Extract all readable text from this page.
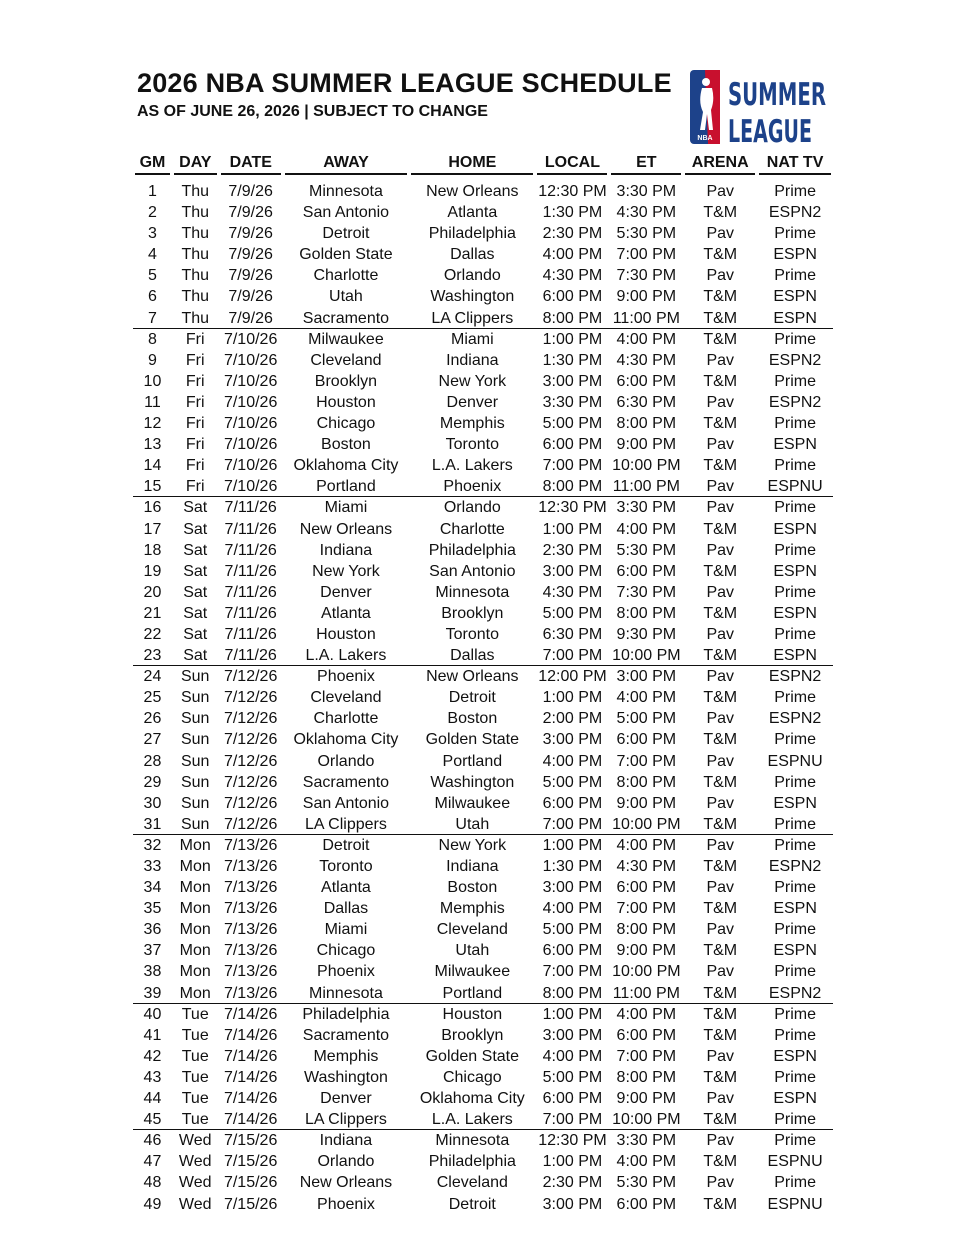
2026 NBA SUMMER LEAGUE SCHEDULE
AS OF JUNE 26, 2026 | SUBJECT TO CHANGE
NBA
SUMMER
LEAGUE
GM DAY	DATE	AWAY	HOME	LOCAL	ET	ARENA	NAT TV
1	Thu	7/9/26	Minnesota	New Orleans	12:30 PM 3:30 PM	Pav	Prime
2	Thu	7/9/26	San Antonio	Atlanta	1:30 PM 4:30 PM	T&M	ESPN2
3	Thu	7/9/26	Detroit	Philadelphia	2:30 PM 5:30 PM	Pav	Prime
4	Thu	7/9/26	Golden State	Dallas	4:00 PM 7:00 PM	T&M	ESPN
5	Thu	7/9/26	Charlotte	Orlando	4:30 PM 7:30 PM	Pav	Prime
6	Thu	7/9/26	Utah	Washington	6:00 PM 9:00 PM	T&M	ESPN
7	Thu	7/9/26	Sacramento	LA Clippers	8:00 PM 11:00 PM	T&M	ESPN
8	Fri	7/10/26	Milwaukee	Miami	1:00 PM 4:00 PM	T&M	Prime
9	Fri	7/10/26	Cleveland	Indiana	1:30 PM 4:30 PM	Pav	ESPN2
10	Fri	7/10/26	Brooklyn	New York	3:00 PM 6:00 PM	T&M	Prime
11	Fri	7/10/26	Houston	Denver	3:30 PM 6:30 PM	Pav	ESPN2
12	Fri	7/10/26	Chicago	Memphis	5:00 PM 8:00 PM	T&M	Prime
13	Fri	7/10/26	Boston	Toronto	6:00 PM 9:00 PM	Pav	ESPN
14	Fri	7/10/26	Oklahoma City	L.A. Lakers	7:00 PM 10:00 PM	T&M	Prime
15	Fri	7/10/26	Portland	Phoenix	8:00 PM 11:00 PM	Pav	ESPNU
16	Sat	7/11/26	Miami	Orlando	12:30 PM 3:30 PM	Pav	Prime
17	Sat	7/11/26	New Orleans	Charlotte	1:00 PM 4:00 PM	T&M	ESPN
18	Sat	7/11/26	Indiana	Philadelphia	2:30 PM 5:30 PM	Pav	Prime
19	Sat	7/11/26	New York	San Antonio	3:00 PM 6:00 PM	T&M	ESPN
20	Sat	7/11/26	Denver	Minnesota	4:30 PM 7:30 PM	Pav	Prime
21	Sat	7/11/26	Atlanta	Brooklyn	5:00 PM 8:00 PM	T&M	ESPN
22	Sat	7/11/26	Houston	Toronto	6:30 PM 9:30 PM	Pav	Prime
23	Sat	7/11/26	L.A. Lakers	Dallas	7:00 PM 10:00 PM	T&M	ESPN
24	Sun 7/12/26	Phoenix	New Orleans	12:00 PM 3:00 PM	Pav	ESPN2
25	Sun 7/12/26	Cleveland	Detroit	1:00 PM 4:00 PM	T&M	Prime
26	Sun 7/12/26	Charlotte	Boston	2:00 PM 5:00 PM	Pav	ESPN2
27	Sun 7/12/26	Oklahoma City	Golden State	3:00 PM 6:00 PM	T&M	Prime
28	Sun 7/12/26	Orlando	Portland	4:00 PM 7:00 PM	Pav	ESPNU
29	Sun 7/12/26	Sacramento	Washington	5:00 PM 8:00 PM	T&M	Prime
30	Sun 7/12/26	San Antonio	Milwaukee	6:00 PM 9:00 PM	Pav	ESPN
31	Sun 7/12/26	LA Clippers	Utah	7:00 PM 10:00 PM	T&M	Prime
32	Mon 7/13/26	Detroit	New York	1:00 PM 4:00 PM	Pav	Prime
33	Mon 7/13/26	Toronto	Indiana	1:30 PM 4:30 PM	T&M	ESPN2
34	Mon 7/13/26	Atlanta	Boston	3:00 PM 6:00 PM	Pav	Prime
35	Mon 7/13/26	Dallas	Memphis	4:00 PM 7:00 PM	T&M	ESPN
36	Mon 7/13/26	Miami	Cleveland	5:00 PM 8:00 PM	Pav	Prime
37	Mon 7/13/26	Chicago	Utah	6:00 PM 9:00 PM	T&M	ESPN
38	Mon 7/13/26	Phoenix	Milwaukee	7:00 PM 10:00 PM	Pav	Prime
39	Mon 7/13/26	Minnesota	Portland	8:00 PM 11:00 PM	T&M	ESPN2
40	Tue 7/14/26	Philadelphia	Houston	1:00 PM 4:00 PM	T&M	Prime
41	Tue 7/14/26	Sacramento	Brooklyn	3:00 PM 6:00 PM	T&M	Prime
42	Tue 7/14/26	Memphis	Golden State	4:00 PM 7:00 PM	Pav	ESPN
43	Tue 7/14/26	Washington	Chicago	5:00 PM 8:00 PM	T&M	Prime
44	Tue 7/14/26	Denver	Oklahoma City	6:00 PM 9:00 PM	Pav	ESPN
45	Tue 7/14/26	LA Clippers	L.A. Lakers	7:00 PM 10:00 PM	T&M	Prime
46	Wed 7/15/26	Indiana	Minnesota	12:30 PM 3:30 PM	Pav	Prime
47	Wed 7/15/26	Orlando	Philadelphia	1:00 PM 4:00 PM	T&M	ESPNU
48	Wed 7/15/26	New Orleans	Cleveland	2:30 PM 5:30 PM	Pav	Prime
49	Wed 7/15/26	Phoenix	Detroit	3:00 PM 6:00 PM	T&M	ESPNU
